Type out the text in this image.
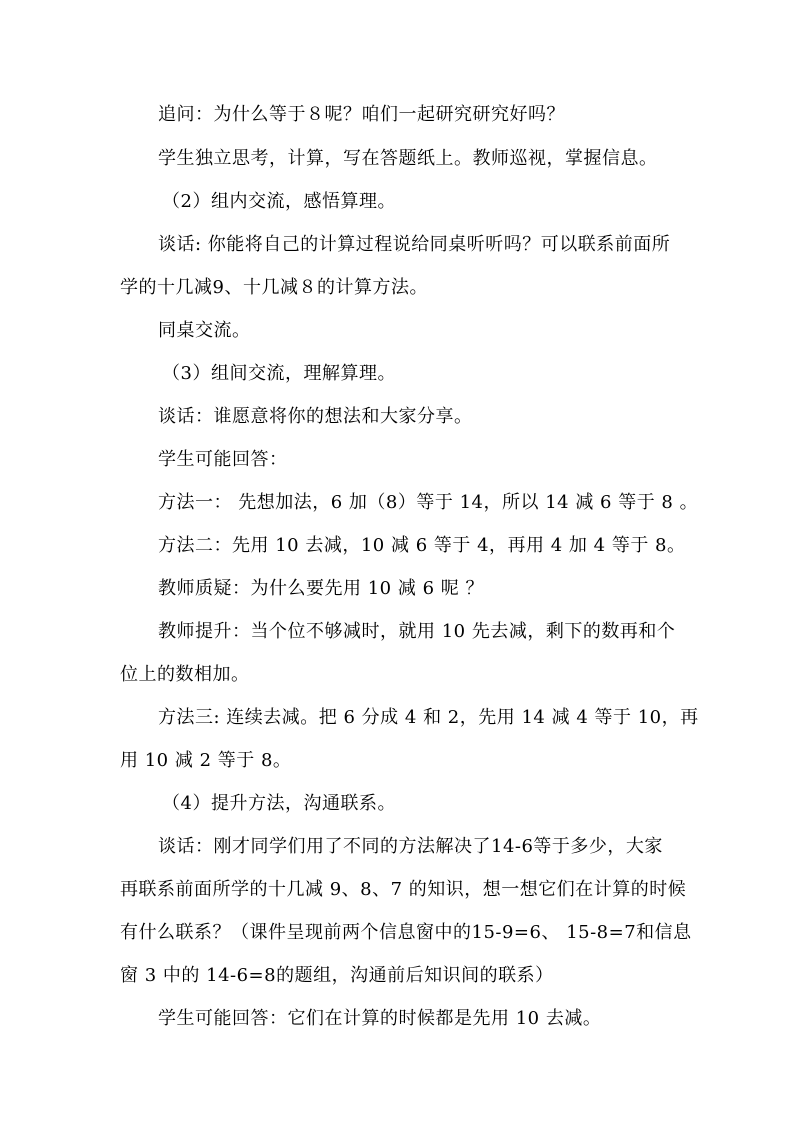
追问：为什么等于８呢？咱们一起研究研究好吗？
学生独立思考，计算，写在答题纸上。教师巡视，掌握信息。
（2）组内交流，感悟算理。
谈话: 你能将自己的计算过程说给同桌听听吗？可以联系前面所
学的十几减9、十几减８的计算方法。
同桌交流。
（3）组间交流，理解算理。
谈话：谁愿意将你的想法和大家分享。
学生可能回答：
方法一： 先想加法，6 加（8）等于 14，所以 14 减 6 等于 8 。
方法二：先用 10 去减，10 减 6 等于 4，再用 4 加 4 等于 8。
教师质疑：为什么要先用 10 减 6 呢 ？
教师提升：当个位不够减时，就用 10 先去减，剩下的数再和个
位上的数相加。
方法三: 连续去减。把 6 分成 4 和 2，先用 14 减 4 等于 10，再
用 10 减 2 等于 8。
（4）提升方法，沟通联系。
谈话：刚才同学们用了不同的方法解决了14-6等于多少，大家
再联系前面所学的十几减 9、8、7 的知识，想一想它们在计算的时候
有什么联系？（课件呈现前两个信息窗中的15-9=6、 15-8=7和信息
窗 3 中的 14-6=8的题组，沟通前后知识间的联系）
学生可能回答：它们在计算的时候都是先用 10 去减。
